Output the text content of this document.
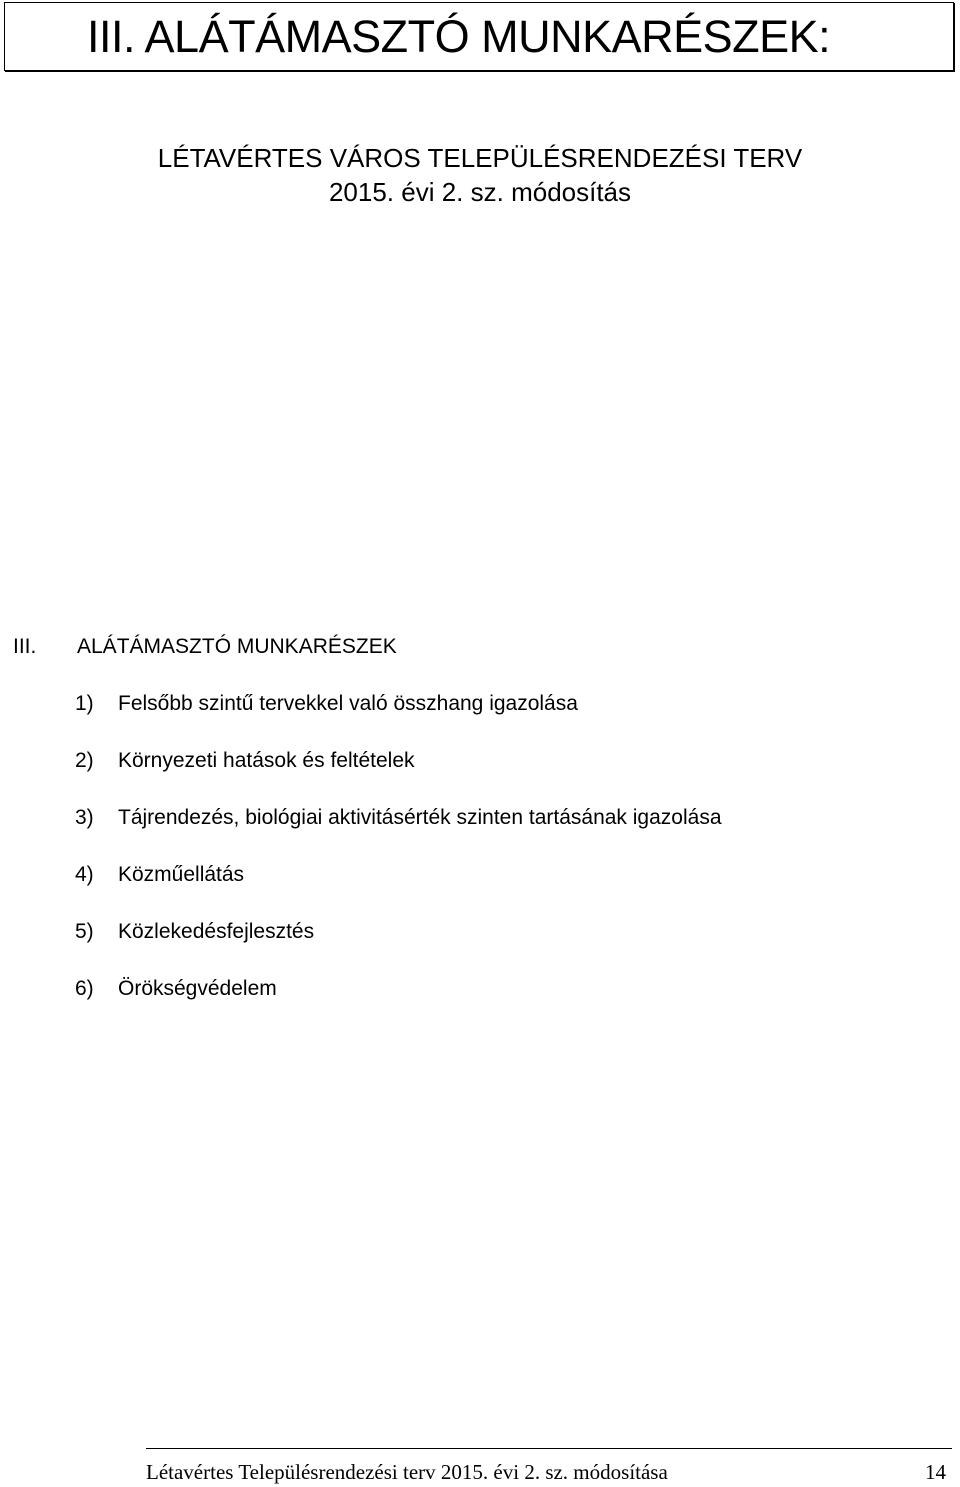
III. ALÁTÁMASZTÓ MUNKARÉSZEK:
LÉTAVÉRTES VÁROS TELEPÜLÉSRENDEZÉSI TERV
2015. évi 2. sz. módosítás
III. ALÁTÁMASZTÓ MUNKARÉSZEK
1) Felsőbb szintű tervekkel való összhang igazolása
2) Környezeti hatások és feltételek
3) Tájrendezés, biológiai aktivitásérték szinten tartásának igazolása
4) Közműellátás
5) Közlekedésfejlesztés
6) Örökségvédelem
Létavértes Településrendezési terv 2015. évi 2. sz. módosítása	14
